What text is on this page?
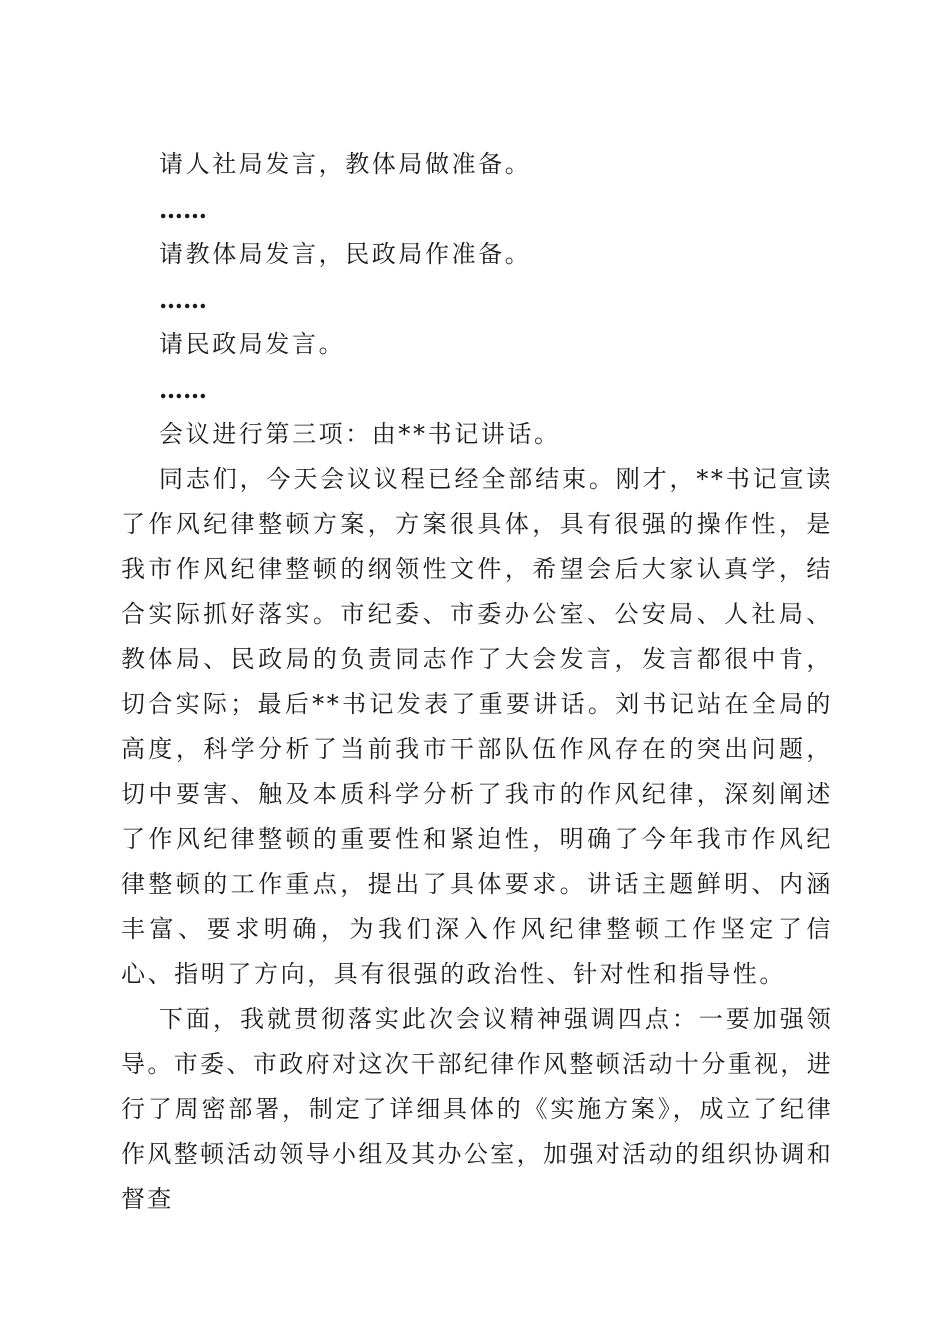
请人社局发言，教体局做准备。

……

请教体局发言，民政局作准备。

……

请民政局发言。

……

会议进行第三项：由**书记讲话。

同志们，今天会议议程已经全部结束。刚才，**书记宣读了作风纪律整顿方案，方案很具体，具有很强的操作性，是我市作风纪律整顿的纲领性文件，希望会后大家认真学，结合实际抓好落实。市纪委、市委办公室、公安局、人社局、教体局、民政局的负责同志作了大会发言，发言都很中肯，切合实际；最后**书记发表了重要讲话。刘书记站在全局的高度，科学分析了当前我市干部队伍作风存在的突出问题，切中要害、触及本质科学分析了我市的作风纪律，深刻阐述了作风纪律整顿的重要性和紧迫性，明确了今年我市作风纪律整顿的工作重点，提出了具体要求。讲话主题鲜明、内涵丰富、要求明确，为我们深入作风纪律整顿工作坚定了信心、指明了方向，具有很强的政治性、针对性和指导性。

下面，我就贯彻落实此次会议精神强调四点：一要加强领导。市委、市政府对这次干部纪律作风整顿活动十分重视，进行了周密部署，制定了详细具体的《实施方案》，成立了纪律作风整顿活动领导小组及其办公室，加强对活动的组织协调和督查
